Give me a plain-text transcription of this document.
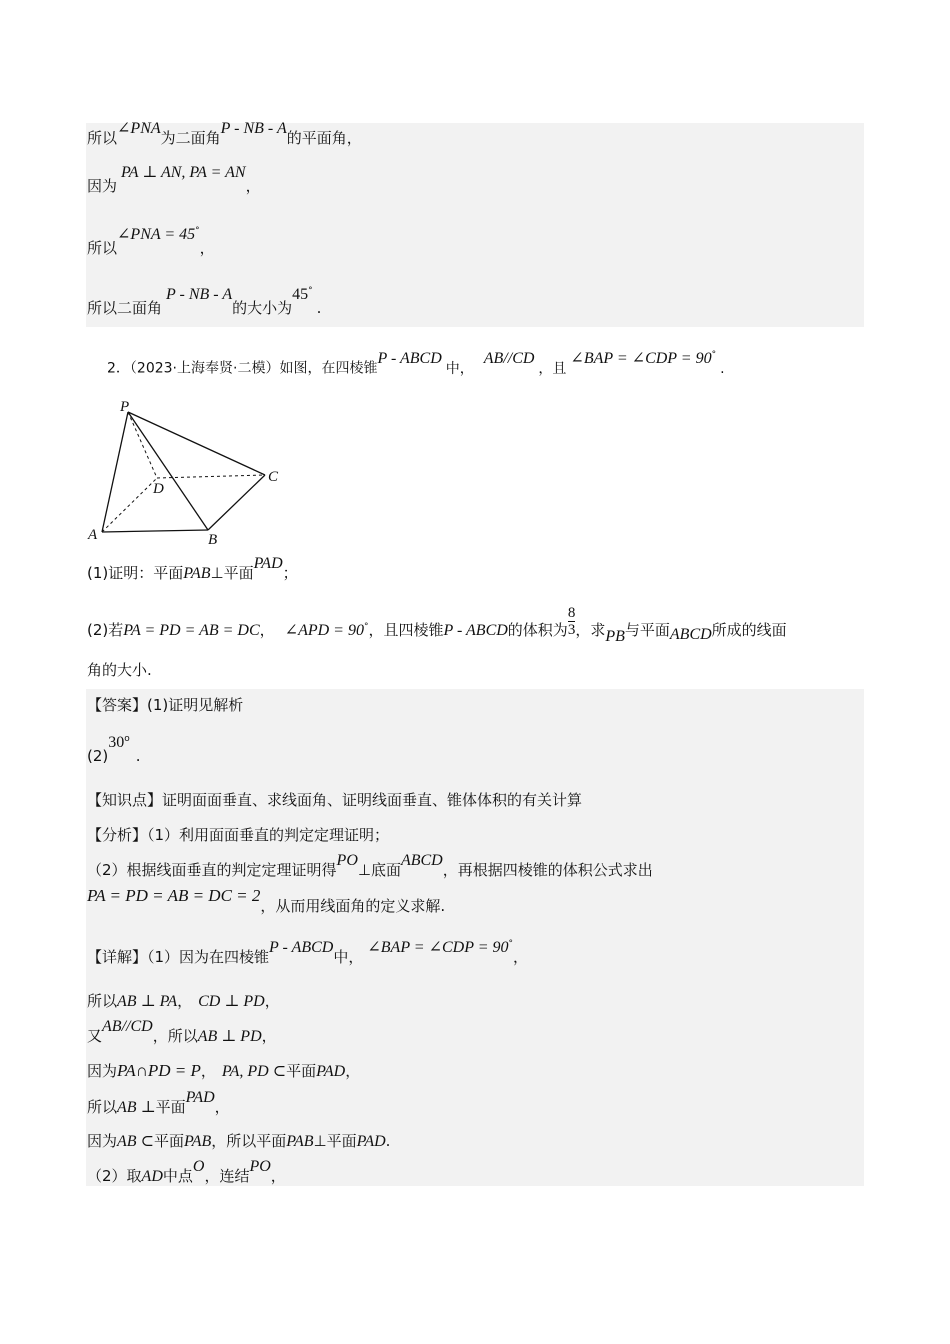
所以∠PNA为二面角P - NB - A的平面角，
因为PA ⊥ AN, PA = AN，
所以∠PNA = 45°，
所以二面角P - NB - A的大小为45°.
2．（2023·上海奉贤·二模）如图，在四棱锥P - ABCD中，AB//CD，且∠BAP = ∠CDP = 90°.
P
D
C
A	B
(1)证明：平面PAB⊥平面PAD；
(2)若PA = PD = AB = DC， ∠APD = 90°，且四棱锥P - ABCD的体积为 $\frac{8}{3}$ ，求PB与平面ABCD所成的线面
角的大小.
【答案】(1)证明见解析
(2)30$^o$.
【知识点】证明面面垂直、求线面角、证明线面垂直、锥体体积的有关计算
【分析】（1）利用面面垂直的判定定理证明；
（2）根据线面垂直的判定定理证明得PO⊥底面ABCD，再根据四棱锥的体积公式求出
PA = PD = AB = DC = 2，从而用线面角的定义求解.
【详解】（1）因为在四棱锥P - ABCD中，∠BAP = ∠CDP = 90°，
所以AB ⊥ PA， CD ⊥ PD，
又AB//CD，所以AB ⊥ PD，
因为PA∩PD = P， PA, PD ⊂平面PAD，
所以AB ⊥平面PAD，
因为AB ⊂平面PAB，所以平面PAB⊥平面PAD.
（2）取AD中点O，连结PO，
